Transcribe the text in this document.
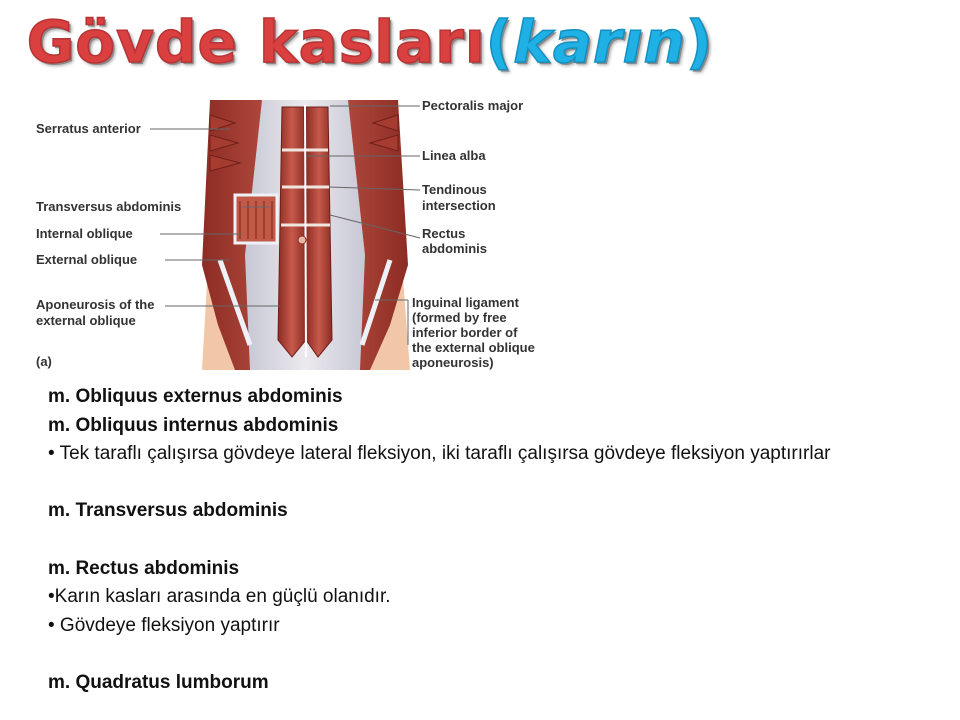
Gövde kasları(karın)
Serratus anterior
Transversus abdominis
Internal oblique
External oblique
Aponeurosis of the
external oblique
(a)
Pectoralis major
Linea alba
Tendinous
intersection
Rectus
abdominis
Inguinal ligament
(formed by free
inferior border of
the external oblique
aponeurosis)
m. Obliquus externus abdominis
m. Obliquus internus abdominis
• Tek taraflı çalışırsa gövdeye lateral fleksiyon, iki taraflı çalışırsa gövdeye fleksiyon yaptırırlar
m. Transversus abdominis
m. Rectus abdominis
•Karın kasları arasında en güçlü olanıdır.
• Gövdeye fleksiyon yaptırır
m. Quadratus lumborum
